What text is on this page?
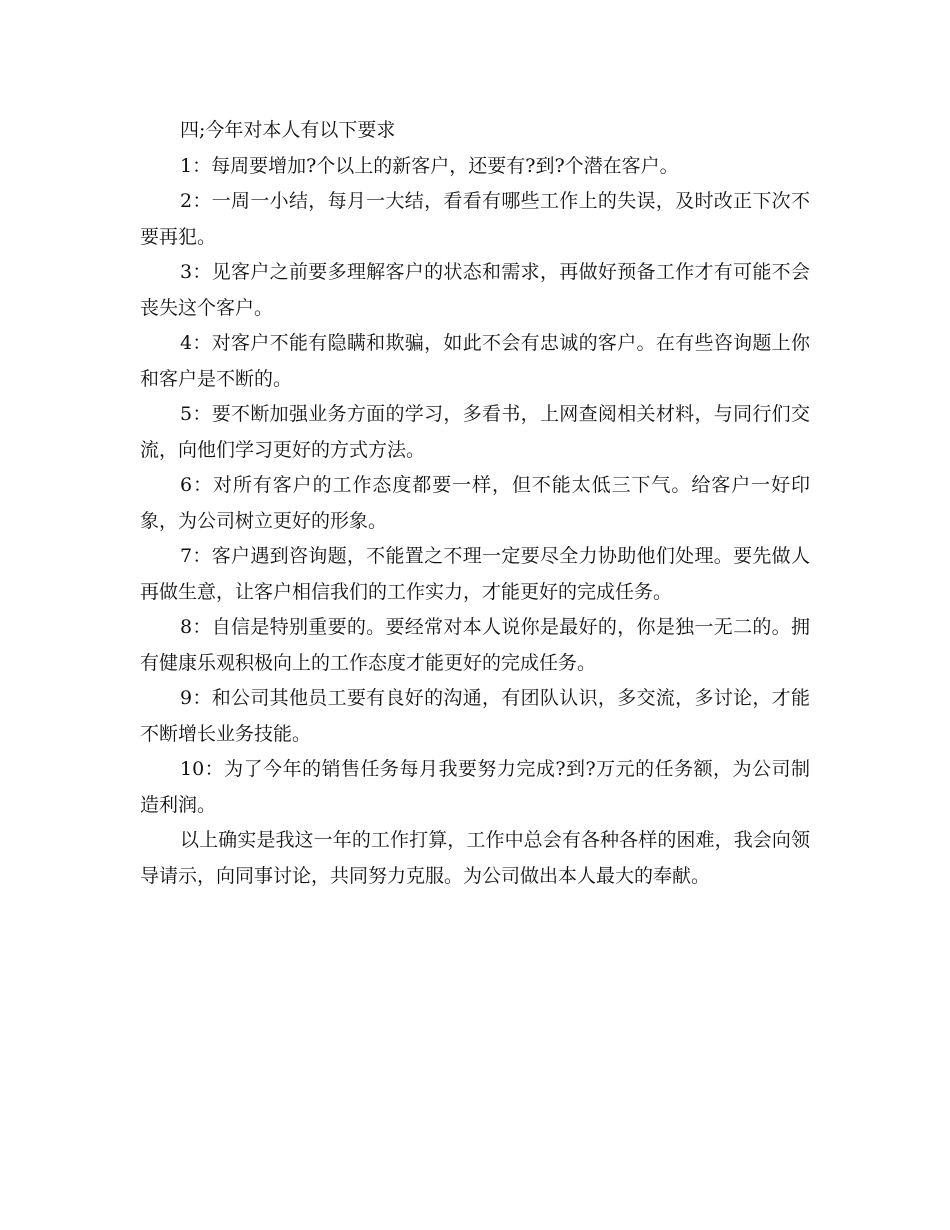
四;今年对本人有以下要求

1：每周要增加?个以上的新客户，还要有?到?个潜在客户。

2：一周一小结，每月一大结，看看有哪些工作上的失误，及时改正下次不要再犯。

3：见客户之前要多理解客户的状态和需求，再做好预备工作才有可能不会丧失这个客户。

4：对客户不能有隐瞒和欺骗，如此不会有忠诚的客户。在有些咨询题上你和客户是不断的。

5：要不断加强业务方面的学习，多看书，上网查阅相关材料，与同行们交流，向他们学习更好的方式方法。

6：对所有客户的工作态度都要一样，但不能太低三下气。给客户一好印象，为公司树立更好的形象。

7：客户遇到咨询题，不能置之不理一定要尽全力协助他们处理。要先做人再做生意，让客户相信我们的工作实力，才能更好的完成任务。

8：自信是特别重要的。要经常对本人说你是最好的，你是独一无二的。拥有健康乐观积极向上的工作态度才能更好的完成任务。

9：和公司其他员工要有良好的沟通，有团队认识，多交流，多讨论，才能不断增长业务技能。

10：为了今年的销售任务每月我要努力完成?到?万元的任务额，为公司制造利润。

以上确实是我这一年的工作打算，工作中总会有各种各样的困难，我会向领导请示，向同事讨论，共同努力克服。为公司做出本人最大的奉献。
